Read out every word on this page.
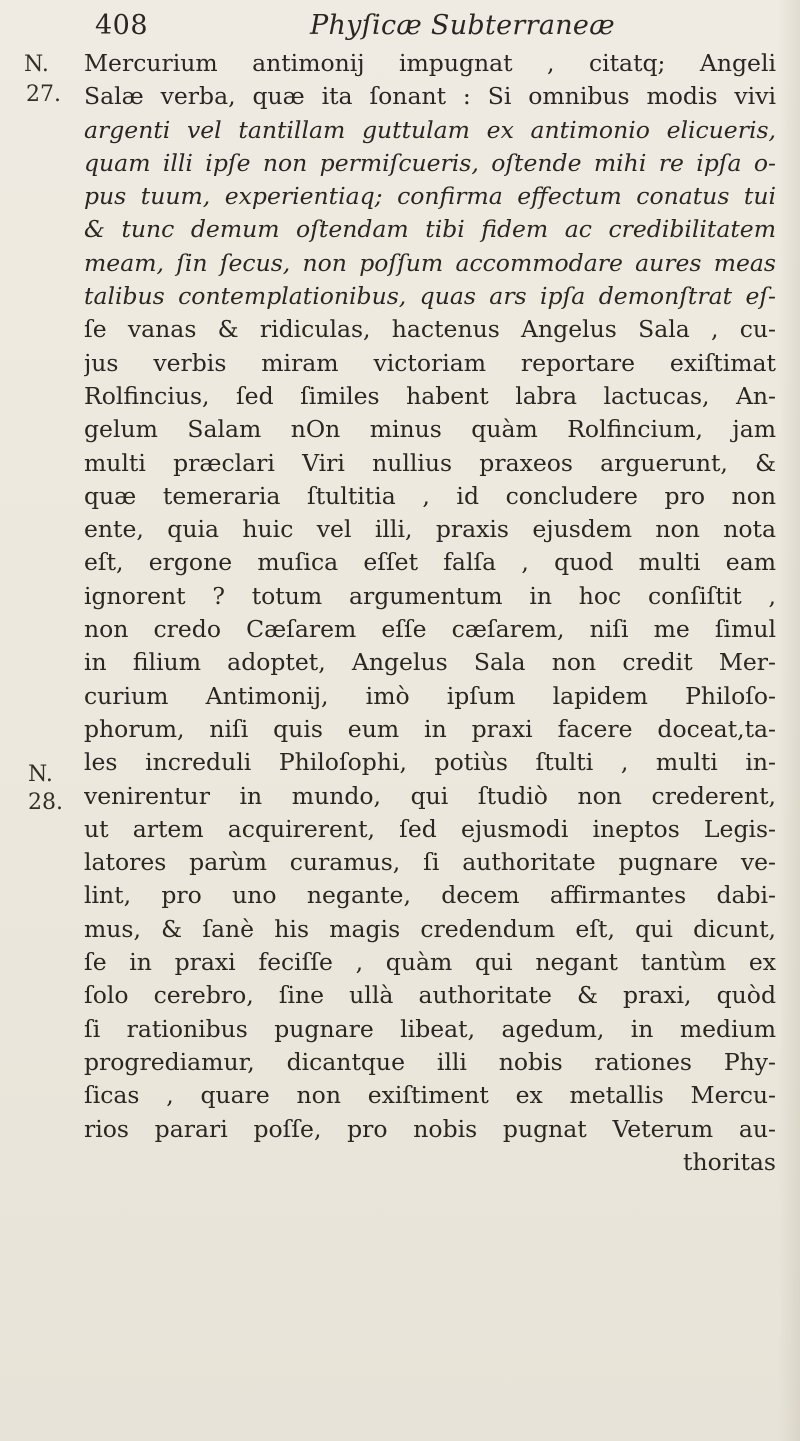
408	Phyſicæ Subterraneæ
N.
27.
N.
28.
Mercurium antimonij impugnat , citatq; Angeli
Salæ verba, quæ ita ſonant : Si omnibus modis vivi
argenti vel tantillam guttulam ex antimonio elicueris,
quam illi ipſe non permiſcueris, oſtende mihi re ipſa o-
pus tuum, experientiaq; confirma effectum conatus tui
& tunc demum oſtendam tibi fidem ac credibilitatem
meam, ſin ſecus, non poſſum accommodare aures meas
talibus contemplationibus, quas ars ipſa demonſtrat eſ-
ſe vanas & ridiculas, hactenus Angelus Sala , cu-
jus verbis miram victoriam reportare exiſtimat
Rolfincius, ſed ſimiles habent labra lactucas, An-
gelum Salam nOn minus quàm Rolfincium, jam
multi præclari Viri nullius praxeos arguerunt, &
quæ temeraria ſtultitia , id concludere pro non
ente, quia huic vel illi, praxis ejusdem non nota
eſt, ergone muſica eſſet falſa , quod multi eam
ignorent ? totum argumentum in hoc conſiſtit ,
non credo Cæſarem eſſe cæſarem, niſi me ſimul
in filium adoptet, Angelus Sala non credit Mer-
curium Antimonij, imò ipſum lapidem Philoſo-
phorum, niſi quis eum in praxi facere doceat,ta-
les increduli Philoſophi, potiùs ſtulti , multi in-
venirentur in mundo, qui ſtudiò non crederent,
ut artem acquirerent, ſed ejusmodi ineptos Legis-
latores parùm curamus, ſi authoritate pugnare ve-
lint, pro uno negante, decem affirmantes dabi-
mus, & ſanè his magis credendum eſt, qui dicunt,
ſe in praxi feciſſe , quàm qui negant tantùm ex
ſolo cerebro, ſine ullà authoritate & praxi, quòd
ſi rationibus pugnare libeat, agedum, in medium
progrediamur, dicantque illi nobis rationes Phy-
ſicas , quare non exiſtiment ex metallis Mercu-
rios parari poſſe, pro nobis pugnat Veterum au-
thoritas
